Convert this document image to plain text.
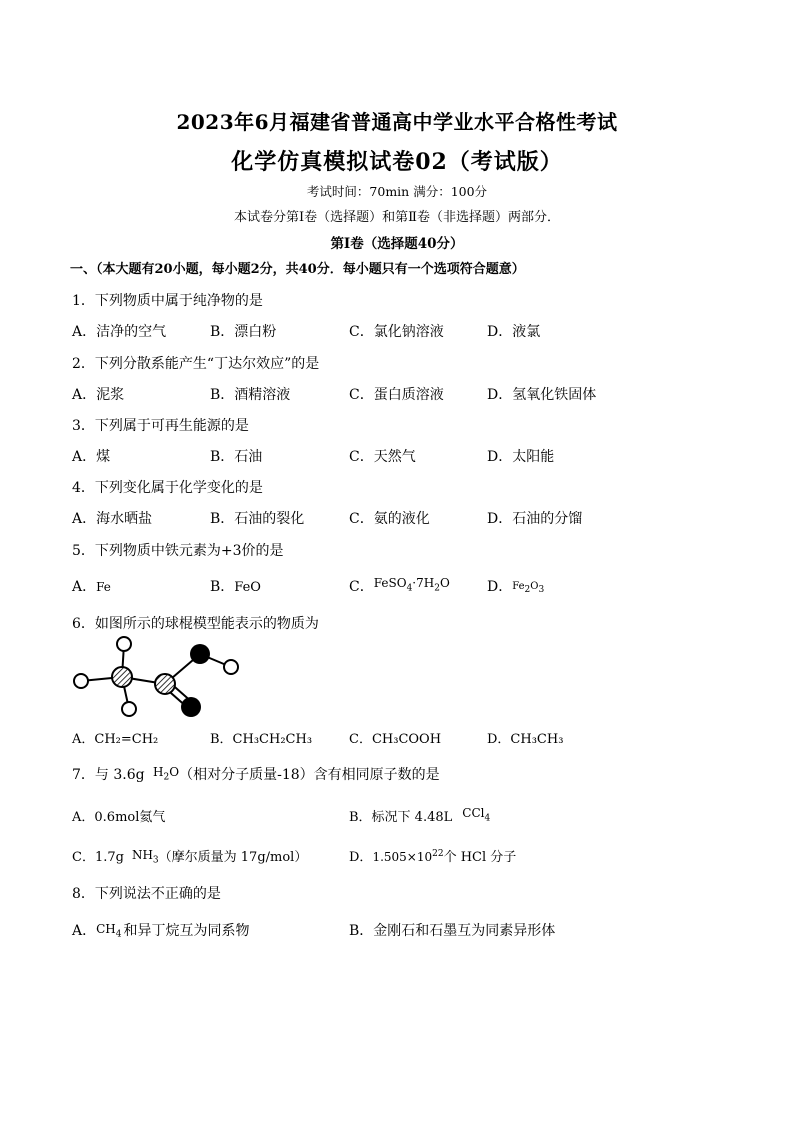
2023年6月福建省普通高中学业水平合格性考试
化学仿真模拟试卷02（考试版）
考试时间：70min 满分：100分
本试卷分第Ⅰ卷（选择题）和第Ⅱ卷（非选择题）两部分．
第Ⅰ卷（选择题40分）
一、（本大题有20小题，每小题2分，共40分．每小题只有一个选项符合题意）
1．下列物质中属于纯净物的是
A．洁净的空气	B．漂白粉	C．氯化钠溶液	D．液氯
2．下列分散系能产生“丁达尔效应”的是
A．泥浆	B．酒精溶液	C．蛋白质溶液	D．氢氧化铁固体
3．下列属于可再生能源的是
A．煤	B．石油	C．天然气	D．太阳能
4．下列变化属于化学变化的是
A．海水晒盐	B．石油的裂化	C．氨的液化	D．石油的分馏
5．下列物质中铁元素为+3价的是
A．Fe	B．FeO	C．$FeSO_4\cdot 7H_2O$	D．$Fe_2O_3$
6．如图所示的球棍模型能表示的物质为
A．CH₂=CH₂	B．CH₃CH₂CH₃	C．CH₃COOH	D．CH₃CH₃
7．与 3.6g $H_2O$（相对分子质量-18）含有相同原子数的是
A．0.6mol氦气	B．标况下 4.48L CCl$_4$
C．1.7g $NH_3$（摩尔质量为 17g/mol）	D．$1.505\times 10^{22}$个 HCl 分子
8．下列说法不正确的是
A．$CH_4$ 和异丁烷互为同系物	B．金刚石和石墨互为同素异形体
